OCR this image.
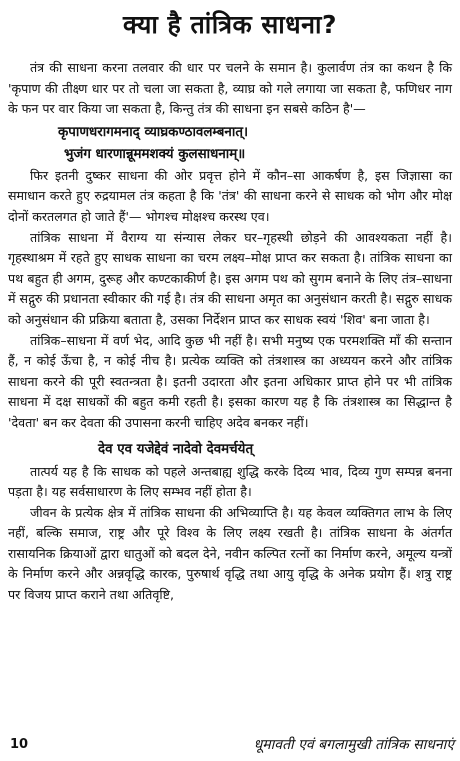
क्या है तांत्रिक साधना?

तंत्र की साधना करना तलवार की धार पर चलने के समान है। कुलार्वण तंत्र का कथन है कि 'कृपाण की तीक्ष्ण धार पर तो चला जा सकता है, व्याघ्र को गले लगाया जा सकता है, फणिधर नाग के फन पर वार किया जा सकता है, किन्तु तंत्र की साधना इन सबसे कठिन है'—

कृपाणधरागमनाद् व्याघ्रकण्ठावलम्बनात्।
भुजंग धारणान्नूममशक्यं कुलसाधनाम्॥

फिर इतनी दुष्कर साधना की ओर प्रवृत्त होने में कौन–सा आकर्षण है, इस जिज्ञासा का समाधान करते हुए रुद्रयामल तंत्र कहता है कि 'तंत्र' की साधना करने से साधक को भोग और मोक्ष दोनों करतलगत हो जाते हैं'— भोगश्च मोक्षश्च करस्थ एव।

तांत्रिक साधना में वैराग्य या संन्यास लेकर घर–गृहस्थी छोड़ने की आवश्यकता नहीं है। गृहस्थाश्रम में रहते हुए साधक साधना का चरम लक्ष्य–मोक्ष प्राप्त कर सकता है। तांत्रिक साधना का पथ बहुत ही अगम, दुरूह और कण्टकाकीर्ण है। इस अगम पथ को सुगम बनाने के लिए तंत्र–साधना में सद्गुरु की प्रधानता स्वीकार की गई है। तंत्र की साधना अमृत का अनुसंधान करती है। सद्गुरु साधक को अनुसंधान की प्रक्रिया बताता है, उसका निर्देशन प्राप्त कर साधक स्वयं 'शिव' बना जाता है।

तांत्रिक–साधना में वर्ण भेद, आदि कुछ भी नहीं है। सभी मनुष्य एक परमशक्ति माँ की सन्तान हैं, न कोई ऊँचा है, न कोई नीच है। प्रत्येक व्यक्ति को तंत्रशास्त्र का अध्ययन करने और तांत्रिक साधना करने की पूरी स्वतन्त्रता है। इतनी उदारता और इतना अधिकार प्राप्त होने पर भी तांत्रिक साधना में दक्ष साधकों की बहुत कमी रहती है। इसका कारण यह है कि तंत्रशास्त्र का सिद्धान्त है 'देवता' बन कर देवता की उपासना करनी चाहिए अदेव बनकर नहीं।

देव एव यजेद्देवं नादेवो देवमर्चयेत्

तात्पर्य यह है कि साधक को पहले अन्तबाह्य शुद्धि करके दिव्य भाव, दिव्य गुण सम्पन्न बनना पड़ता है। यह सर्वसाधारण के लिए सम्भव नहीं होता है।

जीवन के प्रत्येक क्षेत्र में तांत्रिक साधना की अभिव्याप्ति है। यह केवल व्यक्तिगत लाभ के लिए नहीं, बल्कि समाज, राष्ट्र और पूरे विश्व के लिए लक्ष्य रखती है। तांत्रिक साधना के अंतर्गत रासायनिक क्रियाओं द्वारा धातुओं को बदल देने, नवीन कल्पित रत्नों का निर्माण करने, अमूल्य यन्त्रों के निर्माण करने और अन्नवृद्धि कारक, पुरुषार्थ वृद्धि तथा आयु वृद्धि के अनेक प्रयोग हैं। शत्रु राष्ट्र पर विजय प्राप्त कराने तथा अतिवृष्टि,

10	धूमावती एवं बगलामुखी तांत्रिक साधनाएं
